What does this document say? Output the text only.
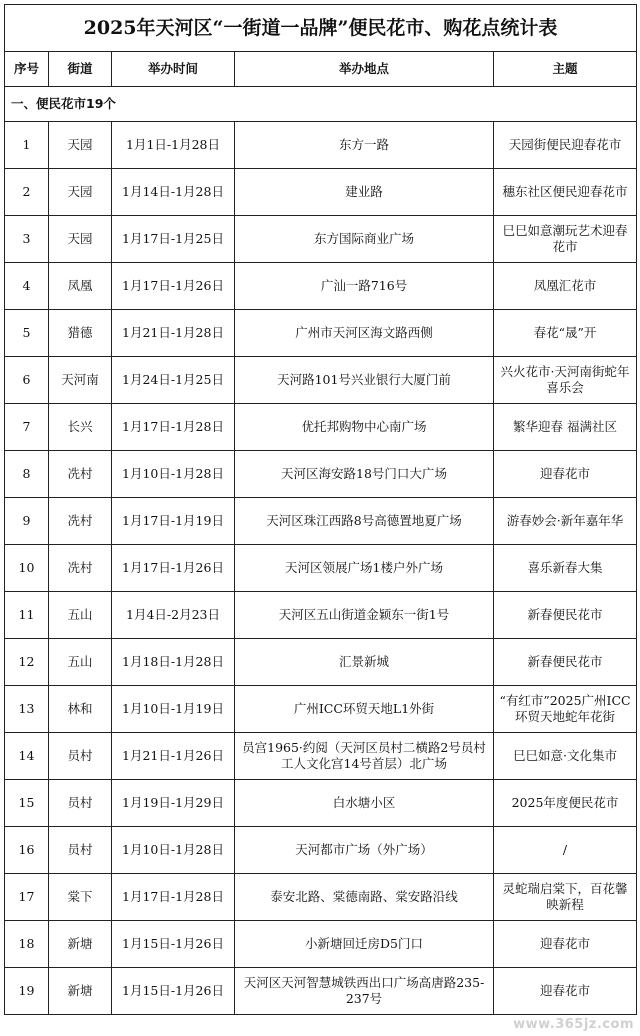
2025年天河区“一街道一品牌”便民花市、购花点统计表				
序号	街道	举办时间	举办地点	主题
一、便民花市19个				
1	天园	1月1日-1月28日	东方一路	天园街便民迎春花市
2	天园	1月14日-1月28日	建业路	穗东社区便民迎春花市
3	天园	1月17日-1月25日	东方国际商业广场	巳巳如意潮玩艺术迎春花市
4	凤凰	1月17日-1月26日	广汕一路716号	凤凰汇花市
5	猎德	1月21日-1月28日	广州市天河区海文路西侧	春花“晟”开
6	天河南	1月24日-1月25日	天河路101号兴业银行大厦门前	兴火花市·天河南街蛇年喜乐会
7	长兴	1月17日-1月28日	优托邦购物中心南广场	繁华迎春 福满社区
8	冼村	1月10日-1月28日	天河区海安路18号门口大广场	迎春花市
9	冼村	1月17日-1月19日	天河区珠江西路8号高德置地夏广场	游春妙会·新年嘉年华
10	冼村	1月17日-1月26日	天河区领展广场1楼户外广场	喜乐新春大集
11	五山	1月4日-2月23日	天河区五山街道金颖东一街1号	新春便民花市
12	五山	1月18日-1月28日	汇景新城	新春便民花市
13	林和	1月10日-1月19日	广州ICC环贸天地L1外街	“有红市”2025广州ICC环贸天地蛇年花街
14	员村	1月21日-1月26日	员宫1965·约阅（天河区员村二横路2号员村工人文化宫14号首层）北广场	巳巳如意·文化集市
15	员村	1月19日-1月29日	白水塘小区	2025年度便民花市
16	员村	1月10日-1月28日	天河都市广场（外广场）	/
17	棠下	1月17日-1月28日	泰安北路、棠德南路、棠安路沿线	灵蛇瑞启棠下，百花馨映新程
18	新塘	1月15日-1月26日	小新塘回迁房D5门口	迎春花市
19	新塘	1月15日-1月26日	天河区天河智慧城铁西出口广场高唐路235-237号	迎春花市
www.365jz.com
